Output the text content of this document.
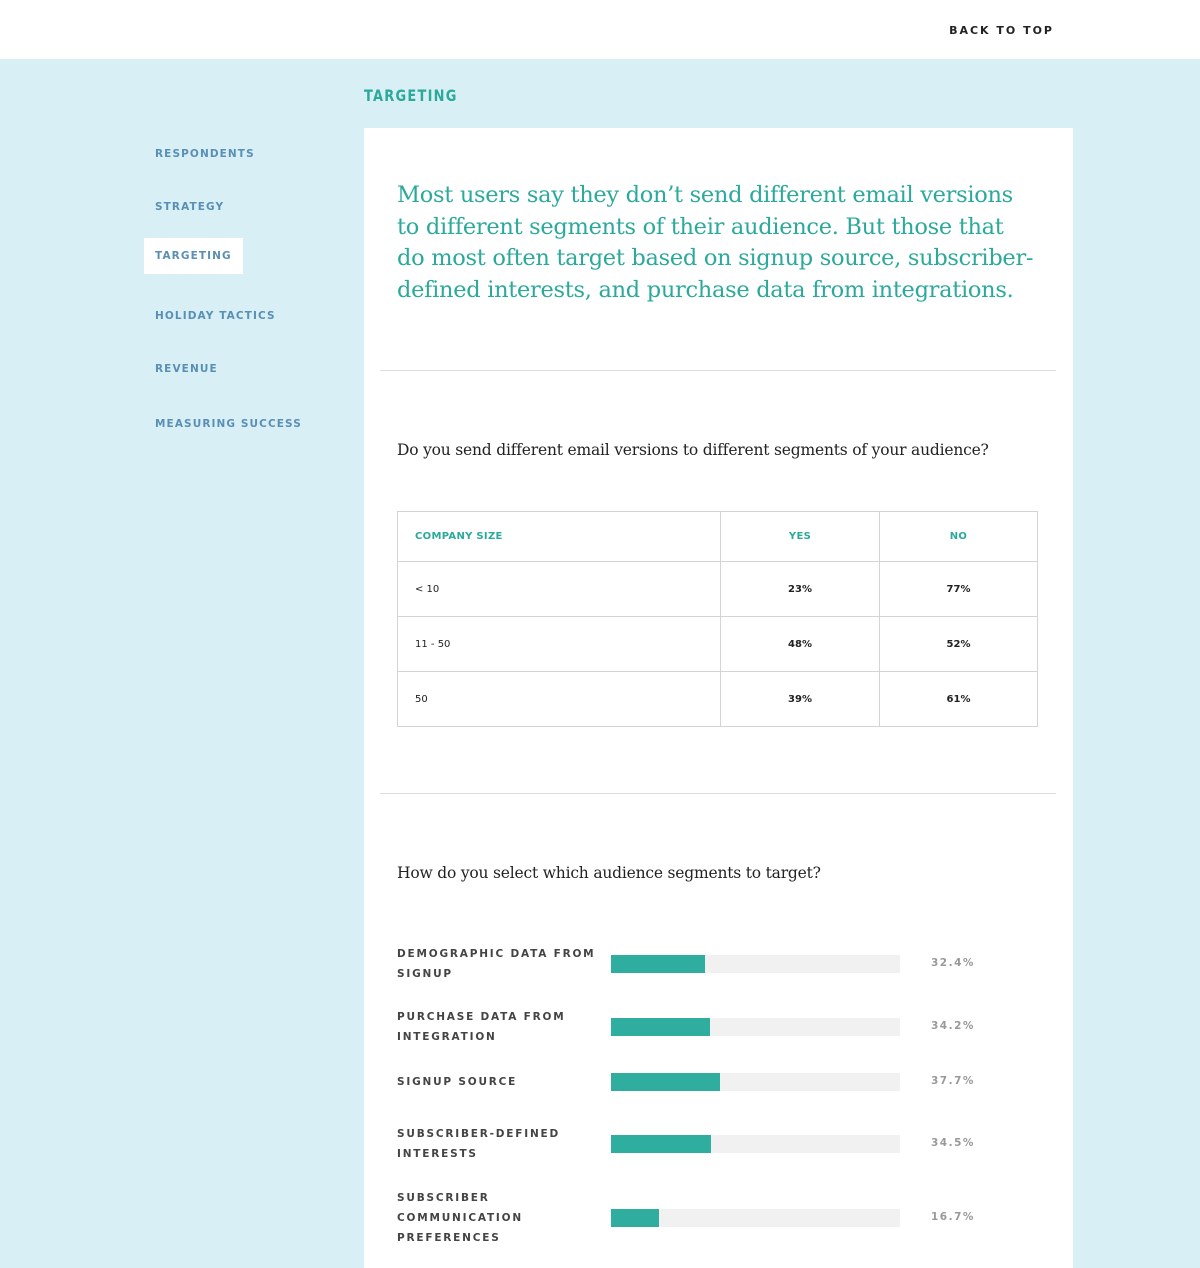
BACK TO TOP
TARGETING
RESPONDENTS
STRATEGY
TARGETING
HOLIDAY TACTICS
REVENUE
MEASURING SUCCESS

Most users say they don’t send different email versions to different segments of their audience. But those that do most often target based on signup source, subscriber-defined interests, and purchase data from integrations.

Do you send different email versions to different segments of your audience?

COMPANY SIZE	YES	NO
< 10	23%	77%
11 - 50	48%	52%
50	39%	61%

How do you select which audience segments to target?

DEMOGRAPHIC DATA FROM SIGNUP
32.4%
PURCHASE DATA FROM INTEGRATION
34.2%
SIGNUP SOURCE	37.7%
SUBSCRIBER-DEFINED INTERESTS
34.5%
SUBSCRIBER COMMUNICATION PREFERENCES
16.7%
